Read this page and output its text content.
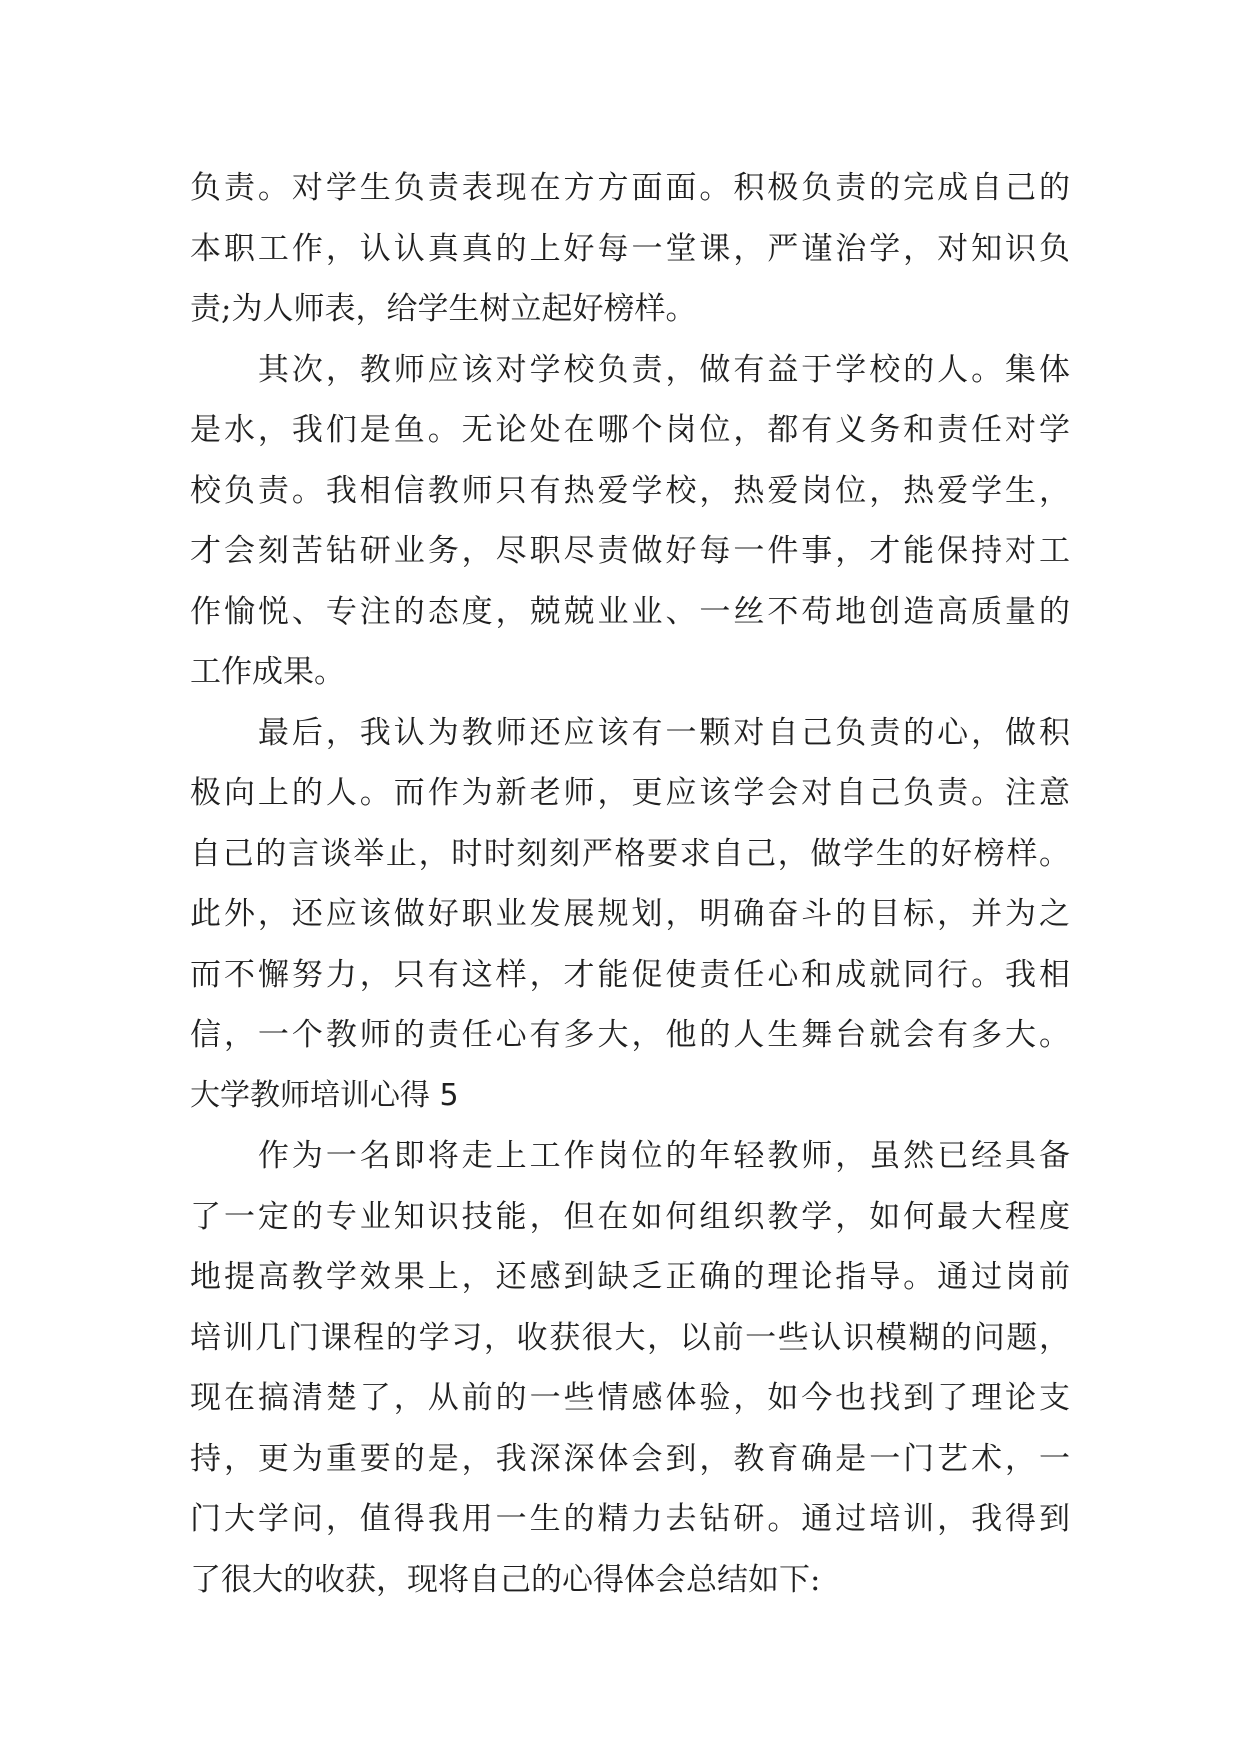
负责。对学生负责表现在方方面面。积极负责的完成自己的
本职工作，认认真真的上好每一堂课，严谨治学，对知识负
责;为人师表，给学生树立起好榜样。
　　其次，教师应该对学校负责，做有益于学校的人。集体
是水，我们是鱼。无论处在哪个岗位，都有义务和责任对学
校负责。我相信教师只有热爱学校，热爱岗位，热爱学生，
才会刻苦钻研业务，尽职尽责做好每一件事，才能保持对工
作愉悦、专注的态度，兢兢业业、一丝不苟地创造高质量的
工作成果。
　　最后，我认为教师还应该有一颗对自己负责的心，做积
极向上的人。而作为新老师，更应该学会对自己负责。注意
自己的言谈举止，时时刻刻严格要求自己，做学生的好榜样。
此外，还应该做好职业发展规划，明确奋斗的目标，并为之
而不懈努力，只有这样，才能促使责任心和成就同行。我相
信，一个教师的责任心有多大，他的人生舞台就会有多大。
大学教师培训心得 5
　　作为一名即将走上工作岗位的年轻教师，虽然已经具备
了一定的专业知识技能，但在如何组织教学，如何最大程度
地提高教学效果上，还感到缺乏正确的理论指导。通过岗前
培训几门课程的学习，收获很大，以前一些认识模糊的问题，
现在搞清楚了，从前的一些情感体验，如今也找到了理论支
持，更为重要的是，我深深体会到，教育确是一门艺术，一
门大学问，值得我用一生的精力去钻研。通过培训，我得到
了很大的收获，现将自己的心得体会总结如下:
